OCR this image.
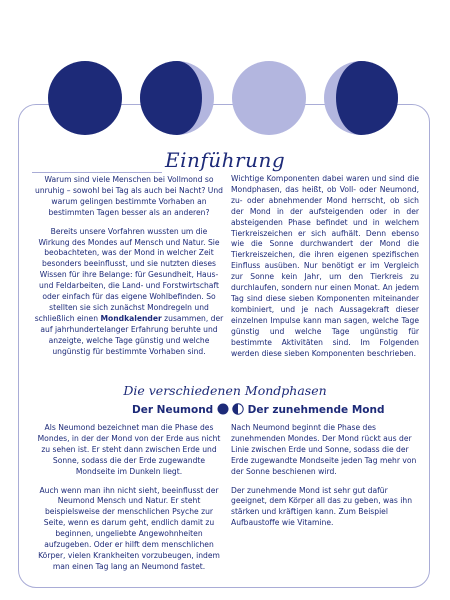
Einführung

Warum sind viele Menschen bei Vollmond so unruhig – sowohl bei Tag als auch bei Nacht? Und warum gelingen bestimmte Vorhaben an bestimmten Tagen besser als an anderen?

Bereits unsere Vorfahren wussten um die Wirkung des Mondes auf Mensch und Natur. Sie beobachteten, was der Mond in welcher Zeit besonders beeinflusst, und sie nutzten dieses Wissen für ihre Belange: für Gesundheit, Haus- und Feldarbeiten, die Land- und Forstwirtschaft oder einfach für das eigene Wohlbefinden. So stellten sie sich zunächst Mondregeln und schließlich einen Mondkalender zusammen, der auf jahrhundertelanger Erfahrung beruhte und anzeigte, welche Tage günstig und welche ungünstig für bestimmte Vorhaben sind.

Wichtige Komponenten dabei waren und sind die Mondphasen, das heißt, ob Voll- oder Neumond, zu- oder abnehmender Mond herrscht, ob sich der Mond in der aufsteigenden oder in der absteigenden Phase befindet und in welchem Tierkreiszeichen er sich aufhält. Denn ebenso wie die Sonne durchwandert der Mond die Tierkreiszeichen, die ihren eigenen spezifischen Einfluss ausüben. Nur benötigt er im Vergleich zur Sonne kein Jahr, um den Tierkreis zu durchlaufen, sondern nur einen Monat. An jedem Tag sind diese sieben Komponenten miteinander kombiniert, und je nach Aussagekraft dieser einzelnen Impulse kann man sagen, welche Tage günstig und welche Tage ungünstig für bestimmte Aktivitäten sind. Im Folgenden werden diese sieben Komponenten beschrieben.

Die verschiedenen Mondphasen
Der Neumond	Der zunehmende Mond

Als Neumond bezeichnet man die Phase des Mondes, in der der Mond von der Erde aus nicht zu sehen ist. Er steht dann zwischen Erde und Sonne, sodass die der Erde zugewandte Mondseite im Dunkeln liegt.

Auch wenn man ihn nicht sieht, beeinflusst der Neumond Mensch und Natur. Er steht beispielsweise der menschlichen Psyche zur Seite, wenn es darum geht, endlich damit zu beginnen, ungeliebte Angewohnheiten aufzugeben. Oder er hilft dem menschlichen Körper, vielen Krankheiten vorzubeugen, indem man einen Tag lang an Neumond fastet.

Nach Neumond beginnt die Phase des zunehmenden Mondes. Der Mond rückt aus der Linie zwischen Erde und Sonne, sodass die der Erde zugewandte Mondseite jeden Tag mehr von der Sonne beschienen wird.

Der zunehmende Mond ist sehr gut dafür geeignet, dem Körper all das zu geben, was ihn stärken und kräftigen kann. Zum Beispiel Aufbaustoffe wie Vitamine.
